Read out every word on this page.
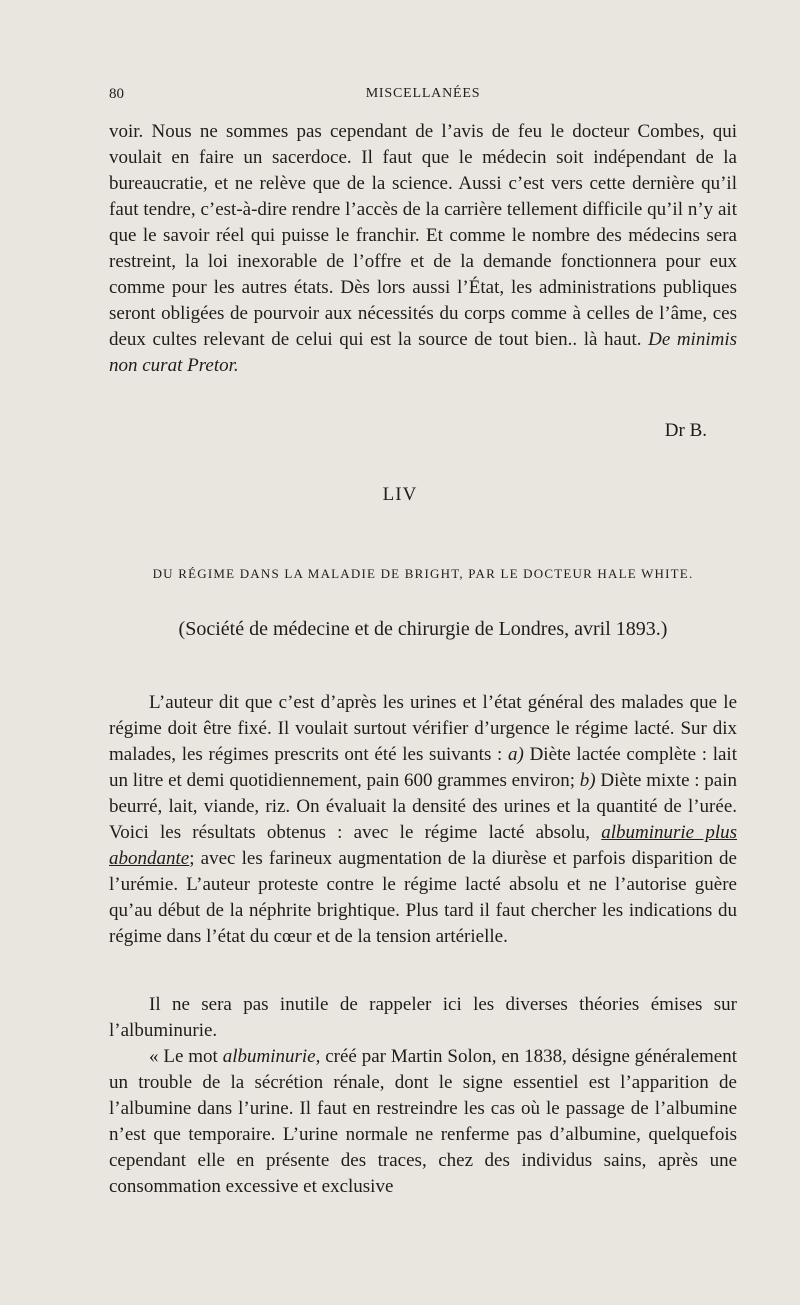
80	MISCELLANÉES

voir. Nous ne sommes pas cependant de l’avis de feu le docteur Combes, qui voulait en faire un sacerdoce. Il faut que le médecin soit indépendant de la bureaucratie, et ne relève que de la science. Aussi c’est vers cette dernière qu’il faut tendre, c’est-à-dire rendre l’accès de la carrière tellement difficile qu’il n’y ait que le savoir réel qui puisse le franchir. Et comme le nombre des médecins sera restreint, la loi inexorable de l’offre et de la demande fonctionnera pour eux comme pour les autres états. Dès lors aussi l’État, les administrations publiques seront obligées de pourvoir aux nécessités du corps comme à celles de l’âme, ces deux cultes relevant de celui qui est la source de tout bien.. là haut. De minimis non curat Pretor.

Dr B.
LIV
DU RÉGIME DANS LA MALADIE DE BRIGHT, PAR LE DOCTEUR HALE WHITE.
(Société de médecine et de chirurgie de Londres, avril 1893.)

L’auteur dit que c’est d’après les urines et l’état général des malades que le régime doit être fixé. Il voulait surtout vérifier d’urgence le régime lacté. Sur dix malades, les régimes prescrits ont été les suivants : a) Diète lactée complète : lait un litre et demi quotidiennement, pain 600 grammes environ; b) Diète mixte : pain beurré, lait, viande, riz. On évaluait la densité des urines et la quantité de l’urée. Voici les résultats obtenus : avec le régime lacté absolu, albuminurie plus abondante; avec les farineux augmentation de la diurèse et parfois disparition de l’urémie. L’auteur proteste contre le régime lacté absolu et ne l’autorise guère qu’au début de la néphrite brightique. Plus tard il faut chercher les indications du régime dans l’état du cœur et de la tension artérielle.

Il ne sera pas inutile de rappeler ici les diverses théories émises sur l’albuminurie.

« Le mot albuminurie, créé par Martin Solon, en 1838, désigne généralement un trouble de la sécrétion rénale, dont le signe essentiel est l’apparition de l’albumine dans l’urine. Il faut en restreindre les cas où le passage de l’albumine n’est que temporaire. L’urine normale ne renferme pas d’albumine, quelquefois cependant elle en présente des traces, chez des individus sains, après une consommation excessive et exclusive
